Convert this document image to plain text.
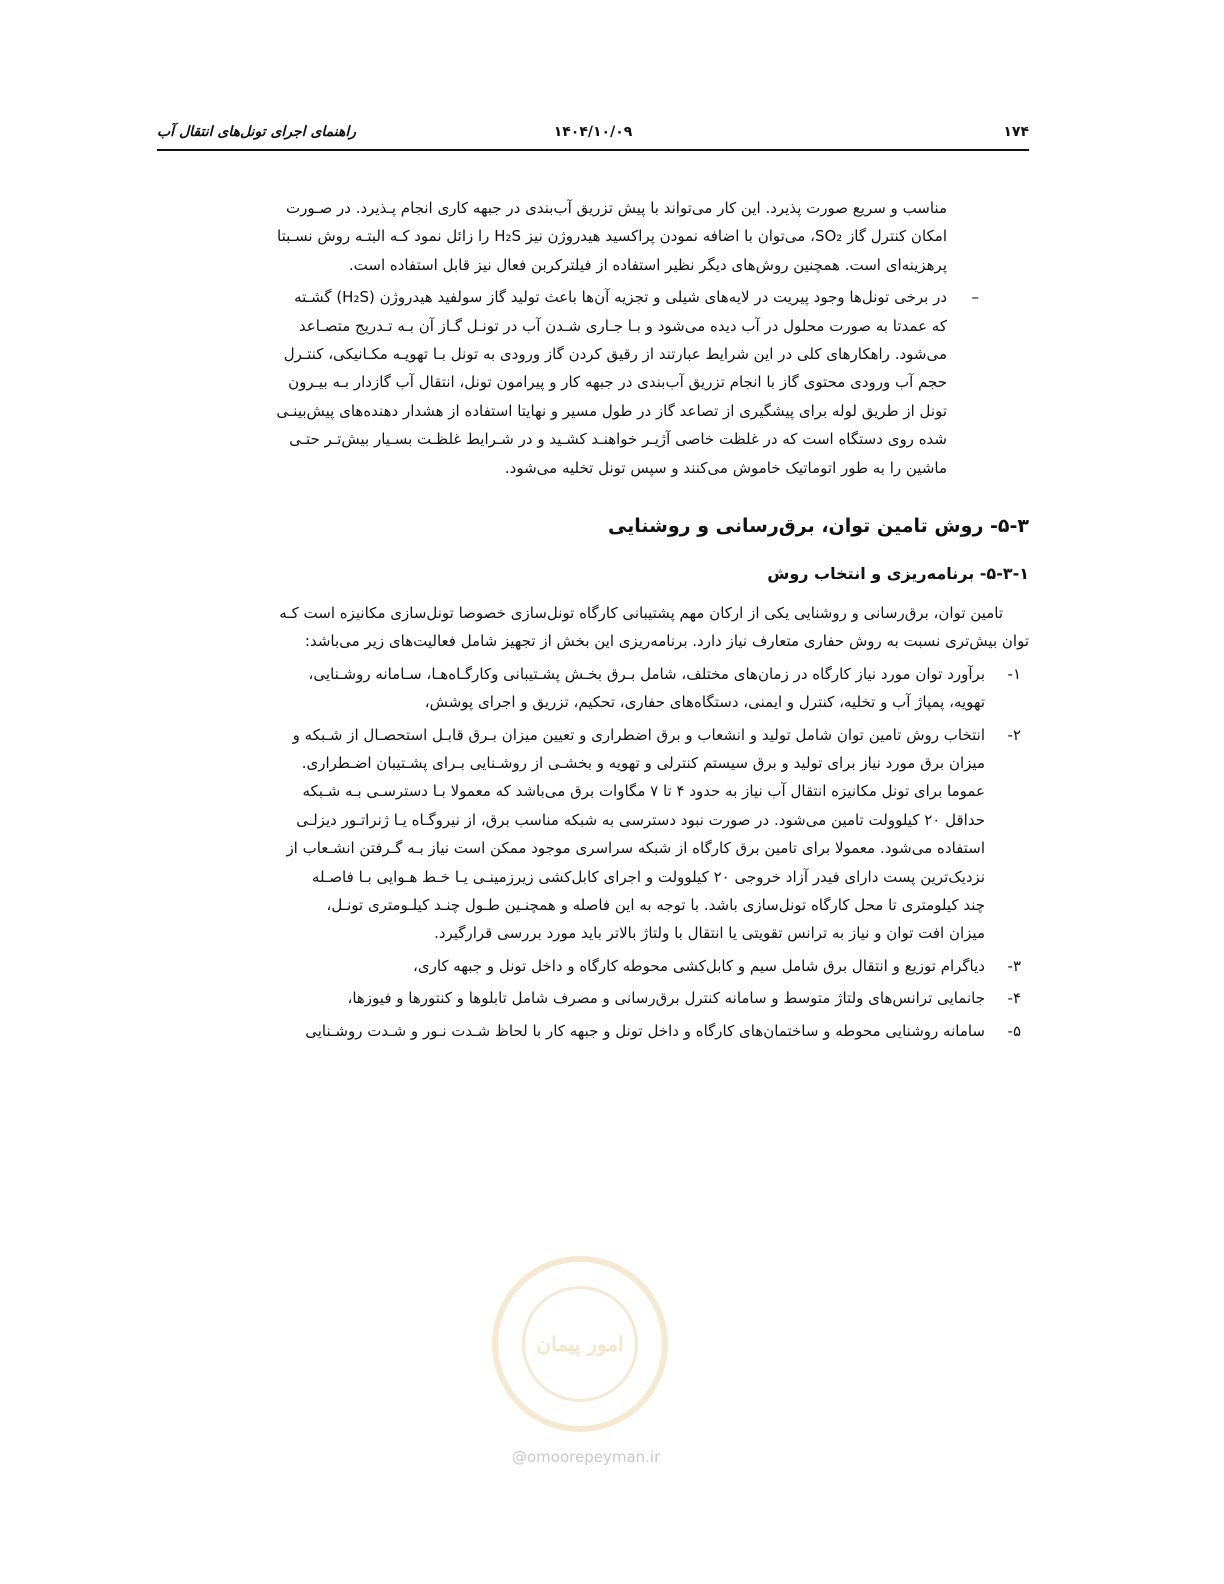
۱۷۴
۱۴۰۴/۱۰/۰۹
راهنمای اجرای تونل‌های انتقال آب

مناسب و سریع صورت پذیرد. این کار می‌تواند با پیش تزریق آب‌بندی در جبهه کاری انجام پـذیرد. در صـورت
امکان کنترل گاز SO₂، می‌توان با اضافه نمودن پراکسید هیدروژن نیز H₂S را زائل نمود کـه البتـه روش نسـبتا
پرهزینه‌ای است. همچنین روش‌های دیگر نظیر استفاده از فیلترکربن فعال نیز قابل استفاده است.

–

در برخی تونل‌ها وجود پیریت در لایه‌های شیلی و تجزیه آن‌ها باعث تولید گاز سولفید هیدروژن (H₂S) گشـته
که عمدتا به صورت محلول در آب دیده می‌شود و بـا جـاری شـدن آب در تونـل گـاز آن بـه تـدریج متصـاعد
می‌شود. راهکارهای کلی در این شرایط عبارتند از رقیق کردن گاز ورودی به تونل بـا تهویـه مکـانیکی، کنتـرل
حجم آب ورودی محتوی گاز با انجام تزریق آب‌بندی در جبهه کار و پیرامون تونل، انتقال آب گازدار بـه بیـرون
تونل از طریق لوله برای پیشگیری از تصاعد گاز در طول مسیر و نهایتا استفاده از هشدار دهنده‌های پیش‌بینـی
شده روی دستگاه است که در غلظت خاصی آژیـر خواهنـد کشـید و در شـرایط غلظـت بسـیار بیش‌تـر حتـی
ماشین را به طور اتوماتیک خاموش می‌کنند و سپس تونل تخلیه می‌شود.

۵-۳- روش تامین توان، برق‌رسانی و روشنایی
۵-۳-۱- برنامه‌ریزی و انتخاب روش

تامین توان، برق‌رسانی و روشنایی یکی از ارکان مهم پشتیبانی کارگاه تونل‌سازی خصوصا تونل‌سازی مکانیزه است کـه
توان بیش‌تری نسبت به روش حفاری متعارف نیاز دارد. برنامه‌ریزی این بخش از تجهیز شامل فعالیت‌های زیر می‌باشد:

۱-
برآورد توان مورد نیاز کارگاه در زمان‌های مختلف، شامل بـرق بخـش پشـتیبانی وکارگـاه‌هـا، سـامانه روشـنایی،
تهویه، پمپاژ آب و تخلیه، کنترل و ایمنی، دستگاه‌های حفاری، تحکیم، تزریق و اجرای پوشش،
۲-
انتخاب روش تامین توان شامل تولید و انشعاب و برق اضطراری و تعیین میزان بـرق قابـل استحصـال از شـبکه و
میزان برق مورد نیاز برای تولید و برق سیستم کنترلی و تهویه و بخشـی از روشـنایی بـرای پشـتیبان اضـطراری.
عموما برای تونل مکانیزه انتقال آب نیاز به حدود ۴ تا ۷ مگاوات برق می‌باشد که معمولا بـا دسترسـی بـه شـبکه
حداقل ۲۰ کیلوولت تامین می‌شود. در صورت نبود دسترسی به شبکه مناسب برق، از نیروگـاه یـا ژنراتـور دیزلـی
استفاده می‌شود. معمولا برای تامین برق کارگاه از شبکه سراسری موجود ممکن است نیاز بـه گـرفتن انشـعاب از
نزدیک‌ترین پست دارای فیدر آزاد خروجی ۲۰ کیلوولت و اجرای کابل‌کشی زیرزمینـی یـا خـط هـوایی بـا فاصـله
چند کیلومتری تا محل کارگاه تونل‌سازی باشد. با توجه به این فاصله و همچنـین طـول چنـد کیلـومتری تونـل،
میزان افت توان و نیاز به ترانس تقویتی یا انتقال با ولتاژ بالاتر باید مورد بررسی قرارگیرد.
۳-
دیاگرام توزیع و انتقال برق شامل سیم و کابل‌کشی محوطه کارگاه و داخل تونل و جبهه کاری،
۴-
جانمایی ترانس‌های ولتاژ متوسط و سامانه کنترل برق‌رسانی و مصرف شامل تابلوها و کنتورها و فیوزها،
۵-
سامانه روشنایی محوطه و ساختمان‌های کارگاه و داخل تونل و جبهه کار با لحاظ شـدت نـور و شـدت روشـنایی
امور پیمان
@omoorepeyman.ir
